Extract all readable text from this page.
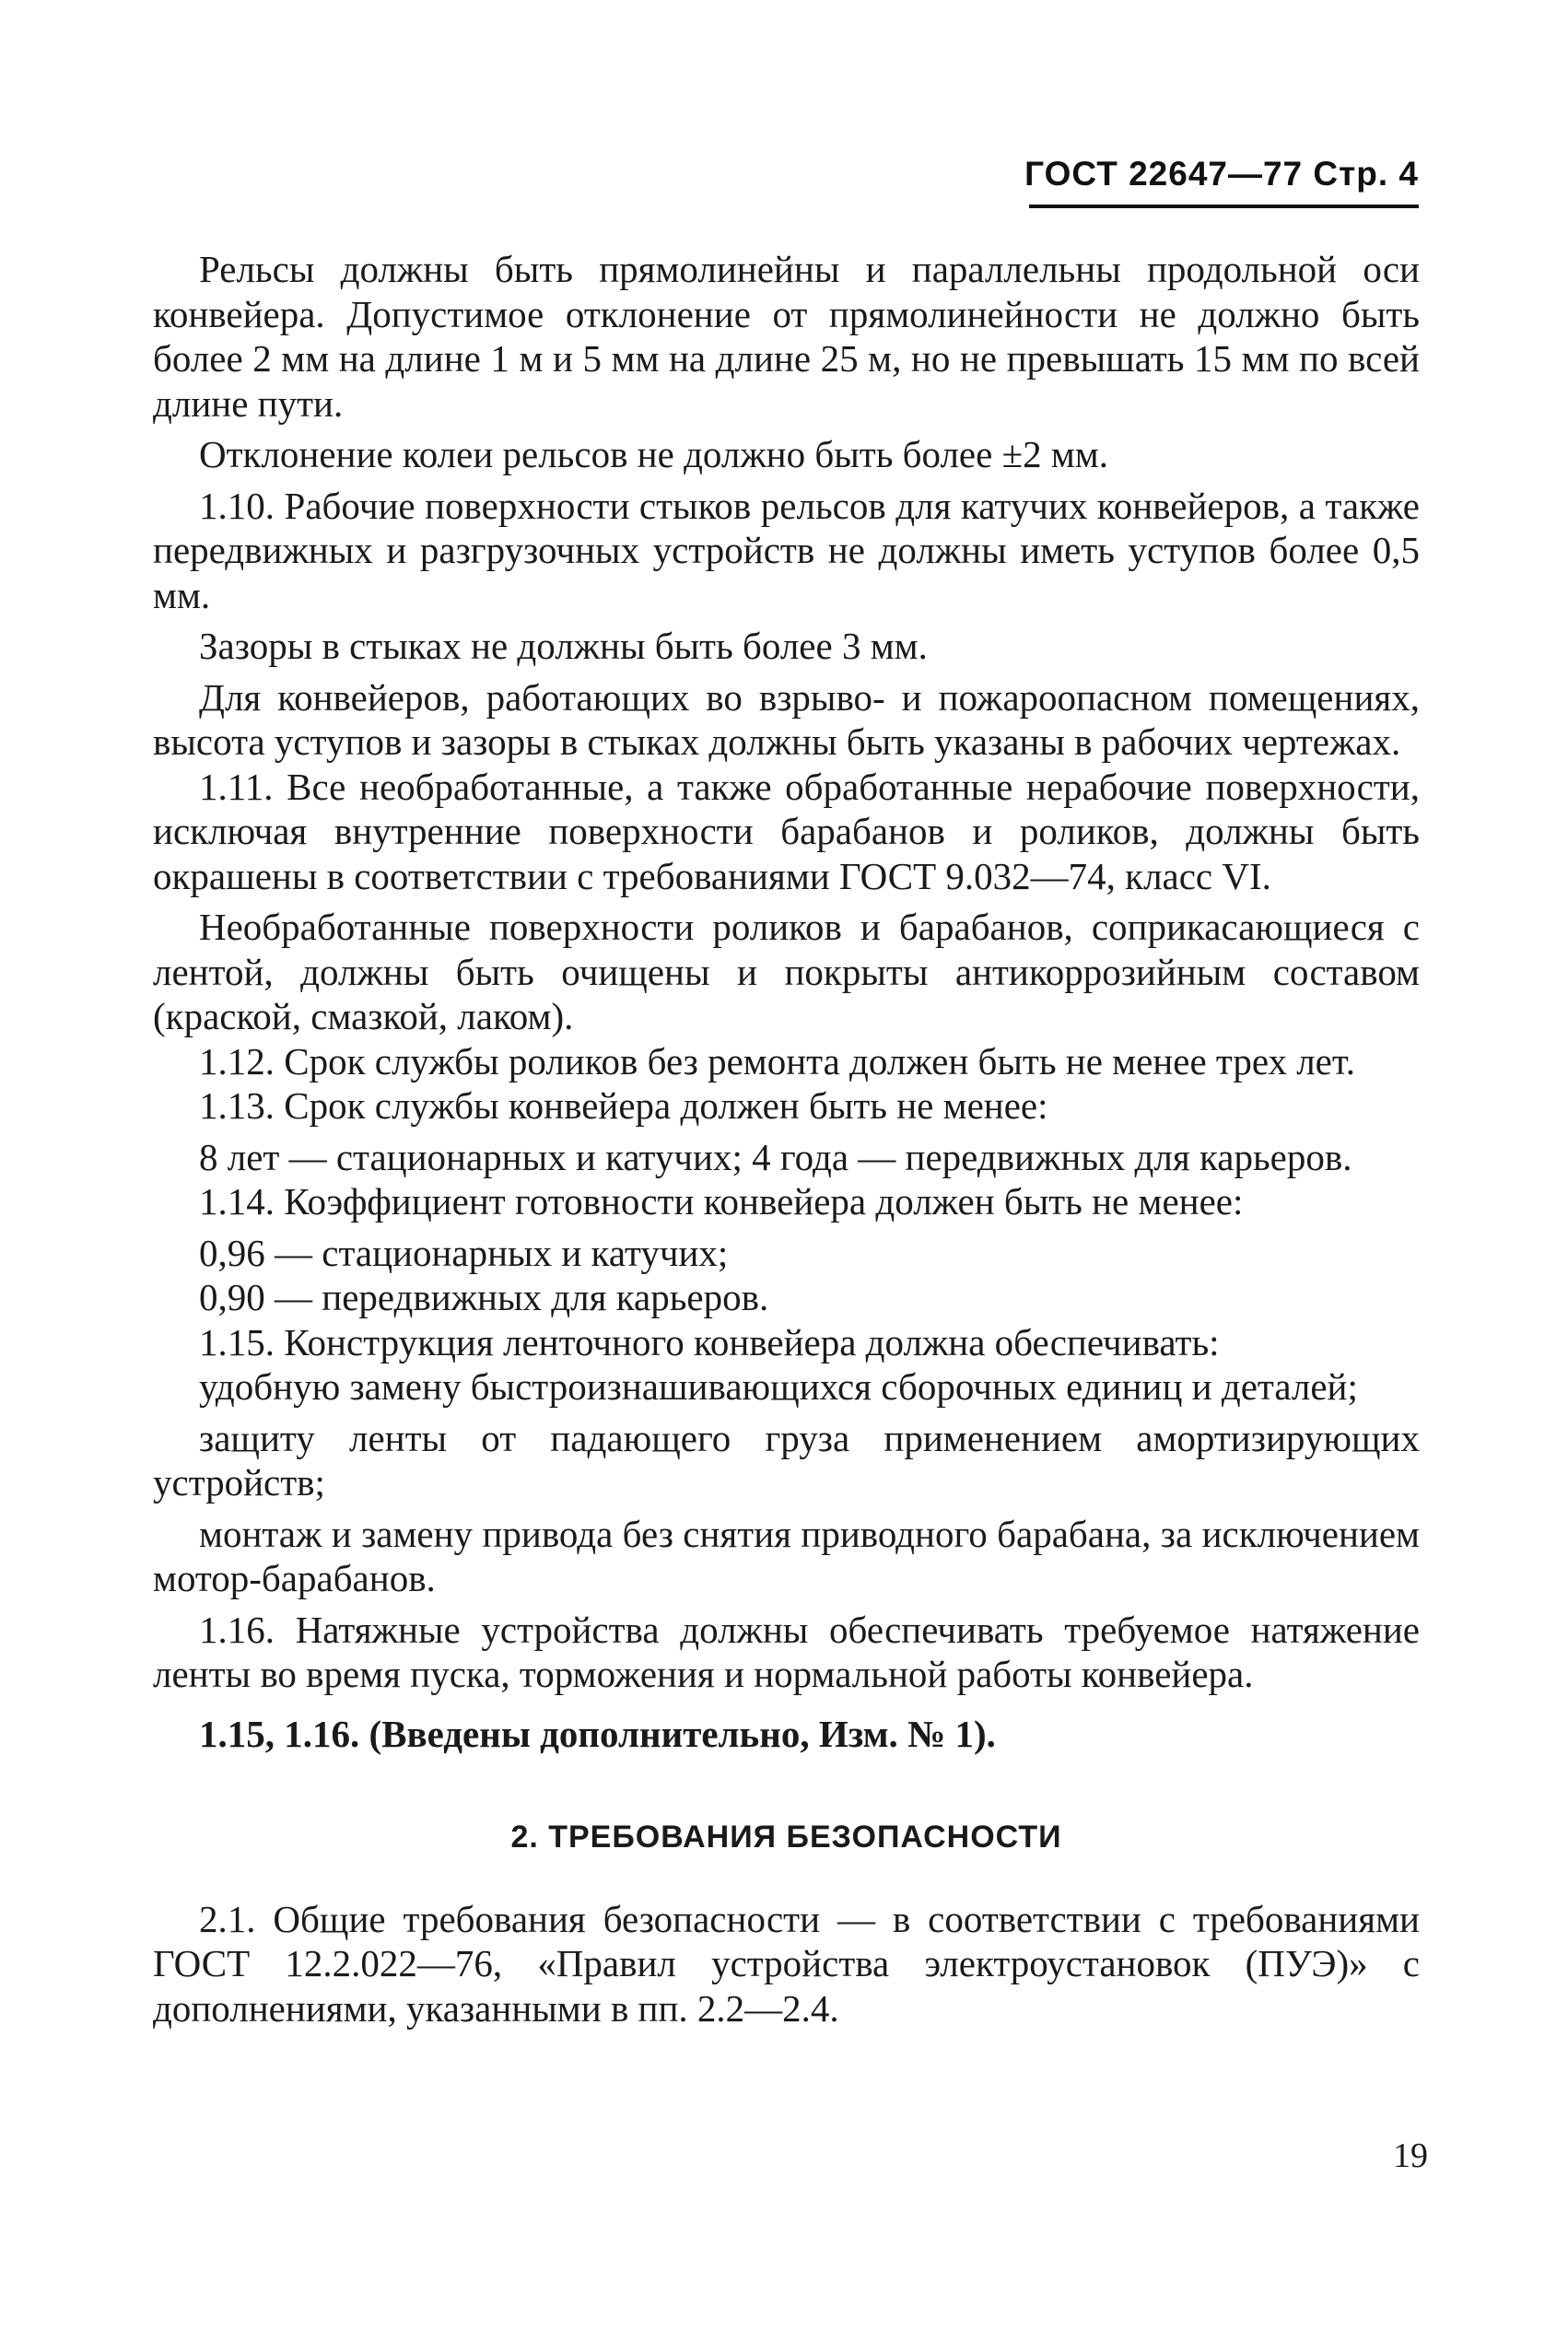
ГОСТ 22647—77 Стр. 4

Рельсы должны быть прямолинейны и параллельны продольной оси конвейера. Допустимое отклонение от прямолинейности не должно быть более 2 мм на длине 1 м и 5 мм на длине 25 м, но не превышать 15 мм по всей длине пути.

Отклонение колеи рельсов не должно быть более ±2 мм.

1.10. Рабочие поверхности стыков рельсов для катучих конвейеров, а также передвижных и разгрузочных устройств не должны иметь уступов более 0,5 мм.

Зазоры в стыках не должны быть более 3 мм.

Для конвейеров, работающих во взрыво- и пожароопасном помещениях, высота уступов и зазоры в стыках должны быть указаны в рабочих чертежах.

1.11. Все необработанные, а также обработанные нерабочие поверхности, исключая внутренние поверхности барабанов и роликов, должны быть окрашены в соответствии с требованиями ГОСТ 9.032—74, класс VI.

Необработанные поверхности роликов и барабанов, соприкасающиеся с лентой, должны быть очищены и покрыты антикоррозийным составом (краской, смазкой, лаком).

1.12. Срок службы роликов без ремонта должен быть не менее трех лет.

1.13. Срок службы конвейера должен быть не менее:

8 лет — стационарных и катучих; 4 года — передвижных для карьеров.

1.14. Коэффициент готовности конвейера должен быть не менее:

0,96 — стационарных и катучих;

0,90 — передвижных для карьеров.

1.15. Конструкция ленточного конвейера должна обеспечивать:

удобную замену быстроизнашивающихся сборочных единиц и деталей;

защиту ленты от падающего груза применением амортизирующих устройств;

монтаж и замену привода без снятия приводного барабана, за исключением мотор-барабанов.

1.16. Натяжные устройства должны обеспечивать требуемое натяжение ленты во время пуска, торможения и нормальной работы конвейера.

1.15, 1.16. (Введены дополнительно, Изм. № 1).

2. ТРЕБОВАНИЯ БЕЗОПАСНОСТИ

2.1. Общие требования безопасности — в соответствии с требованиями ГОСТ 12.2.022—76, «Правил устройства электроустановок (ПУЭ)» с дополнениями, указанными в пп. 2.2—2.4.

19
